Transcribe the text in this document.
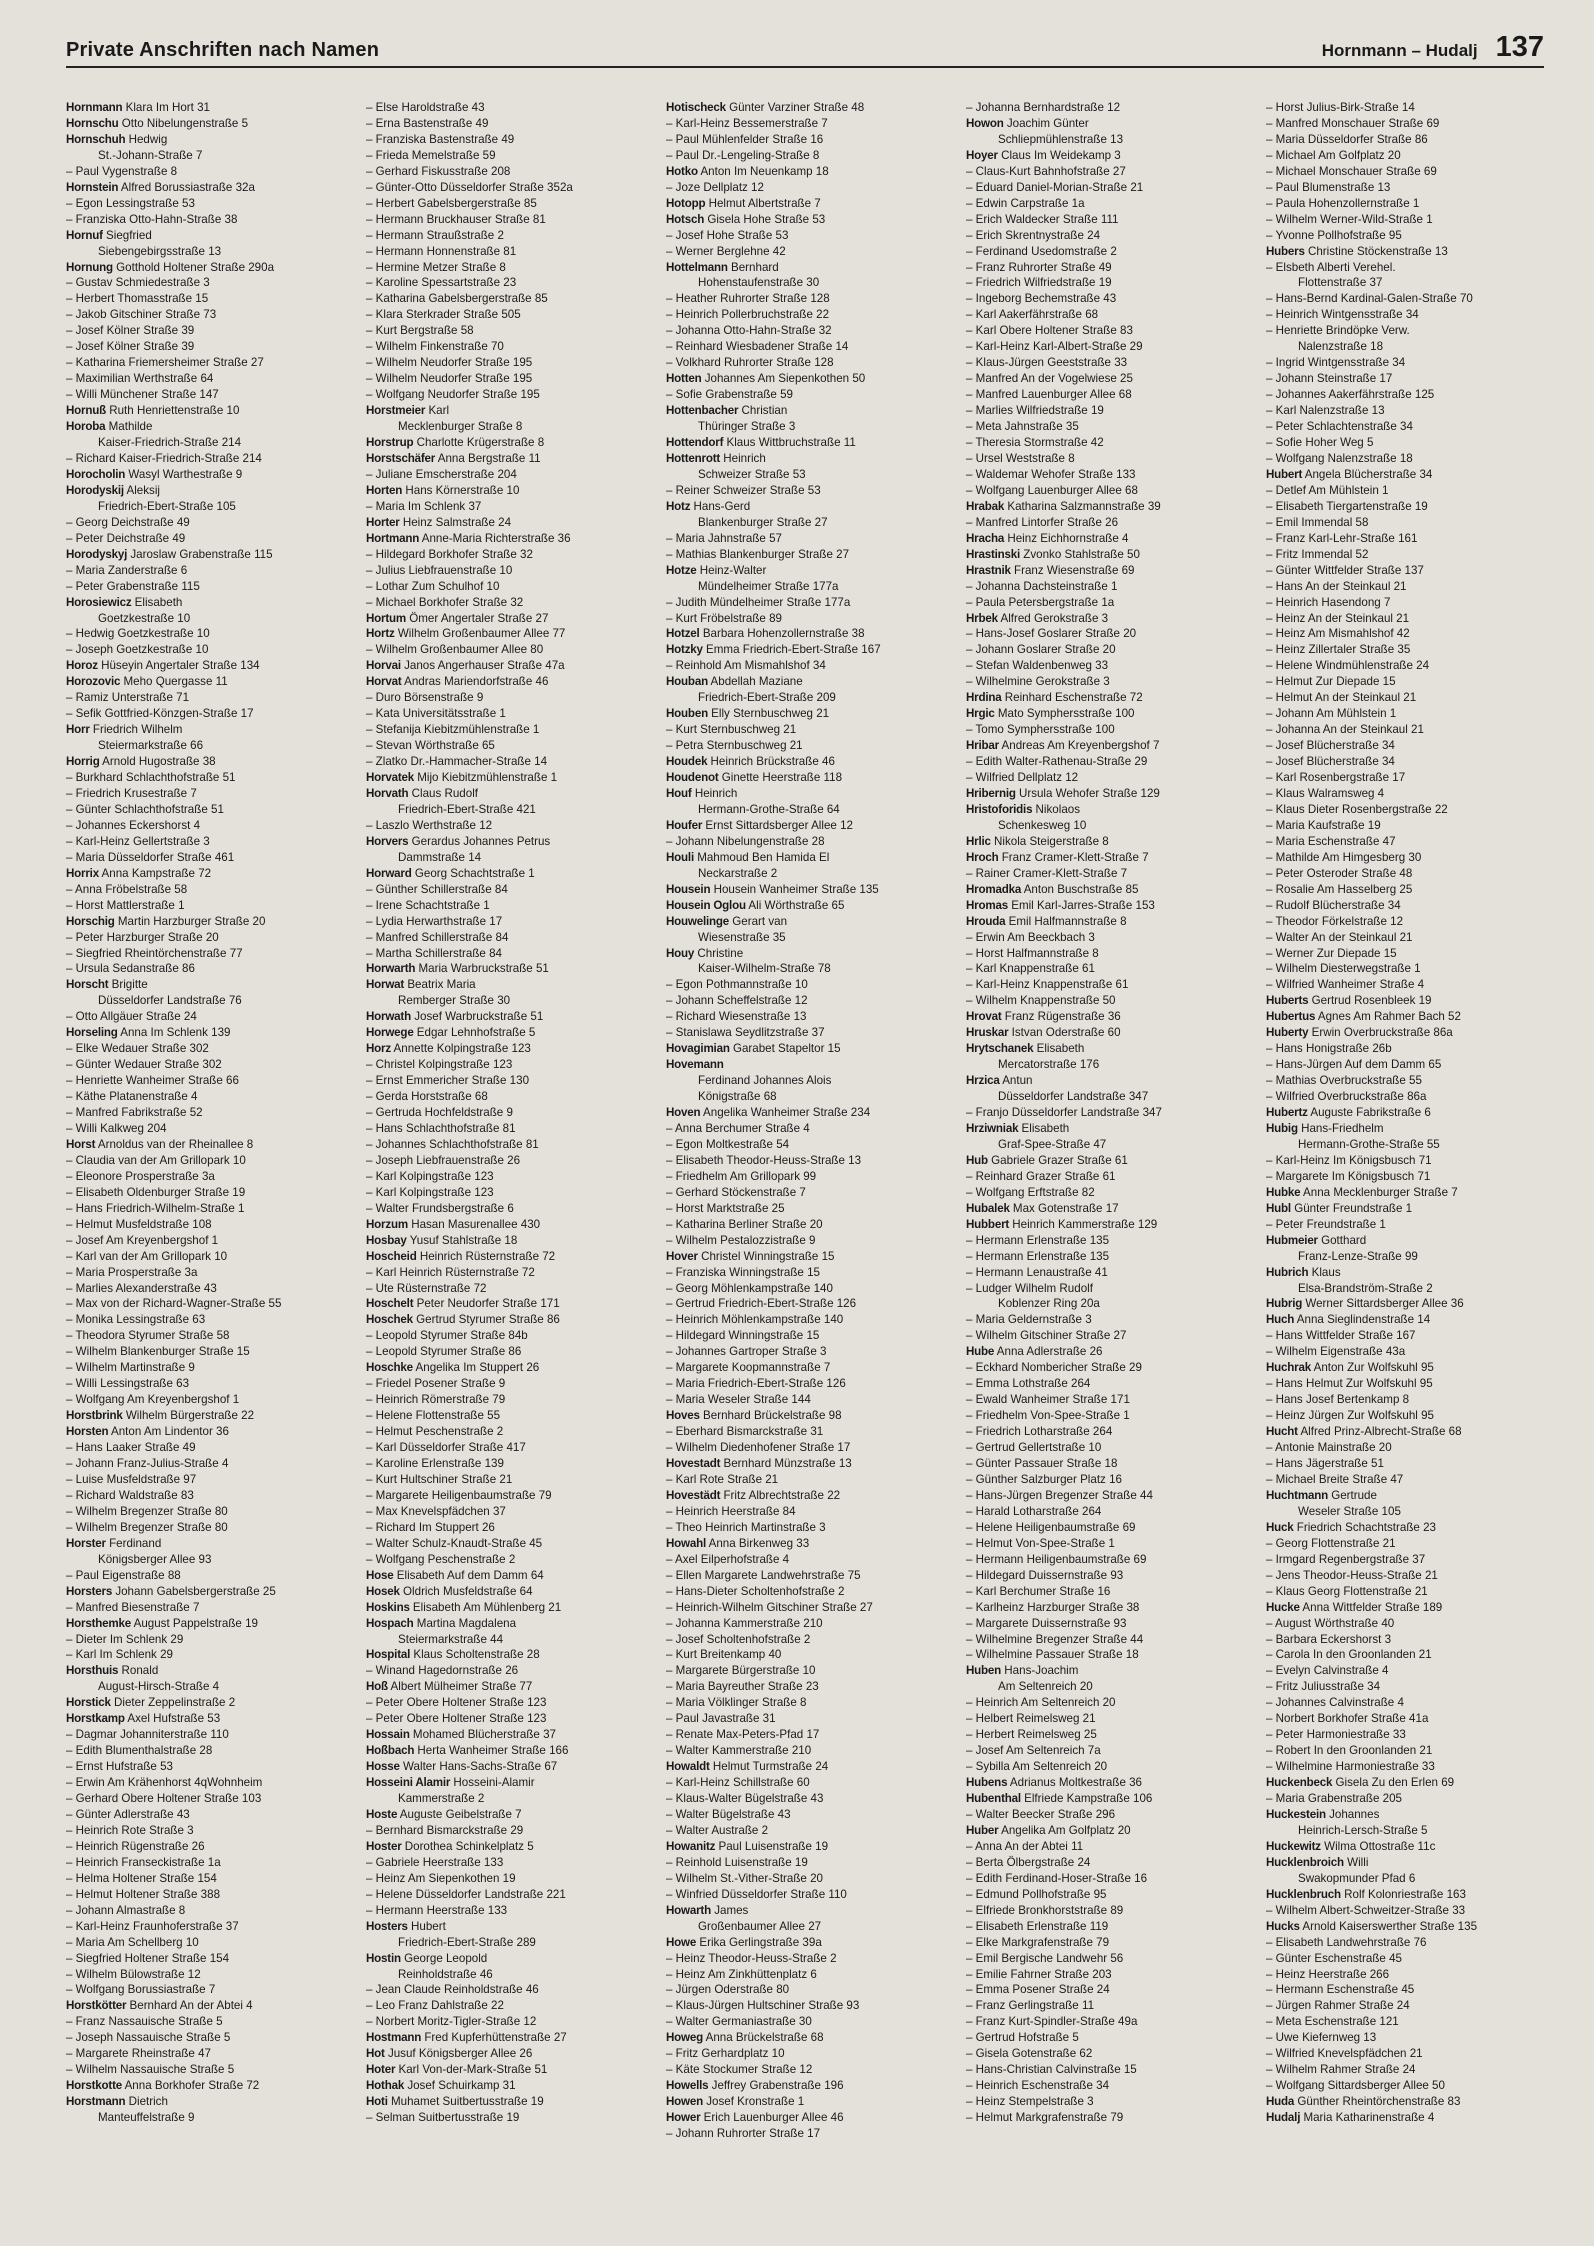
Private Anschriften nach Namen	Hornmann – Hudalj 137
Hornmann Klara Im Hort 31
Hornschu Otto Nibelungenstraße 5
Hornschuh Hedwig
St.-Johann-Straße 7
– Paul Vygenstraße 8
Hornstein Alfred Borussiastraße 32a
– Egon Lessingstraße 53
– Franziska Otto-Hahn-Straße 38
Hornuf Siegfried
Siebengebirgsstraße 13
Hornung Gotthold Holtener Straße 290a
– Gustav Schmiedestraße 3
– Herbert Thomasstraße 15
– Jakob Gitschiner Straße 73
– Josef Kölner Straße 39
– Josef Kölner Straße 39
– Katharina Friemersheimer Straße 27
– Maximilian Werthstraße 64
– Willi Münchener Straße 147
Hornuß Ruth Henriettenstraße 10
Horoba Mathilde
Kaiser-Friedrich-Straße 214
– Richard Kaiser-Friedrich-Straße 214
Horocholin Wasyl Warthestraße 9
Horodyskij Aleksij
Friedrich-Ebert-Straße 105
– Georg Deichstraße 49
– Peter Deichstraße 49
Horodyskyj Jaroslaw Grabenstraße 115
– Maria Zanderstraße 6
– Peter Grabenstraße 115
Horosiewicz Elisabeth
Goetzkestraße 10
– Hedwig Goetzkestraße 10
– Joseph Goetzkestraße 10
Horoz Hüseyin Angertaler Straße 134
Horozovic Meho Quergasse 11
– Ramiz Unterstraße 71
– Sefik Gottfried-Könzgen-Straße 17
Horr Friedrich Wilhelm
Steiermarkstraße 66
Horrig Arnold Hugostraße 38
– Burkhard Schlachthofstraße 51
– Friedrich Krusestraße 7
– Günter Schlachthofstraße 51
– Johannes Eckershorst 4
– Karl-Heinz Gellertstraße 3
– Maria Düsseldorfer Straße 461
Horrix Anna Kampstraße 72
– Anna Fröbelstraße 58
– Horst Mattlerstraße 1
Horschig Martin Harzburger Straße 20
– Peter Harzburger Straße 20
– Siegfried Rheintörchenstraße 77
– Ursula Sedanstraße 86
Horscht Brigitte
Düsseldorfer Landstraße 76
– Otto Allgäuer Straße 24
Horseling Anna Im Schlenk 139
– Elke Wedauer Straße 302
– Günter Wedauer Straße 302
– Henriette Wanheimer Straße 66
– Käthe Platanenstraße 4
– Manfred Fabrikstraße 52
– Willi Kalkweg 204
Horst Arnoldus van der Rheinallee 8
– Claudia van der Am Grillopark 10
– Eleonore Prosperstraße 3a
– Elisabeth Oldenburger Straße 19
– Hans Friedrich-Wilhelm-Straße 1
– Helmut Musfeldstraße 108
– Josef Am Kreyenbergshof 1
– Karl van der Am Grillopark 10
– Maria Prosperstraße 3a
– Marlies Alexanderstraße 43
– Max von der Richard-Wagner-Straße 55
– Monika Lessingstraße 63
– Theodora Styrumer Straße 58
– Wilhelm Blankenburger Straße 15
– Wilhelm Martinstraße 9
– Willi Lessingstraße 63
– Wolfgang Am Kreyenbergshof 1
Horstbrink Wilhelm Bürgerstraße 22
Horsten Anton Am Lindentor 36
– Hans Laaker Straße 49
– Johann Franz-Julius-Straße 4
– Luise Musfeldstraße 97
– Richard Waldstraße 83
– Wilhelm Bregenzer Straße 80
– Wilhelm Bregenzer Straße 80
Horster Ferdinand
Königsberger Allee 93
– Paul Eigenstraße 88
Horsters Johann Gabelsbergerstraße 25
– Manfred Biesenstraße 7
Horsthemke August Pappelstraße 19
– Dieter Im Schlenk 29
– Karl Im Schlenk 29
Horsthuis Ronald
August-Hirsch-Straße 4
Horstick Dieter Zeppelinstraße 2
Horstkamp Axel Hufstraße 53
– Dagmar Johanniterstraße 110
– Edith Blumenthalstraße 28
– Ernst Hufstraße 53
– Erwin Am Krähenhorst 4qWohnheim
– Gerhard Obere Holtener Straße 103
– Günter Adlerstraße 43
– Heinrich Rote Straße 3
– Heinrich Rügenstraße 26
– Heinrich Franseckistraße 1a
– Helma Holtener Straße 154
– Helmut Holtener Straße 388
– Johann Almastraße 8
– Karl-Heinz Fraunhoferstraße 37
– Maria Am Schellberg 10
– Siegfried Holtener Straße 154
– Wilhelm Bülowstraße 12
– Wolfgang Borussiastraße 7
Horstkötter Bernhard An der Abtei 4
– Franz Nassauische Straße 5
– Joseph Nassauische Straße 5
– Margarete Rheinstraße 47
– Wilhelm Nassauische Straße 5
Horstkotte Anna Borkhofer Straße 72
Horstmann Dietrich
Manteuffelstraße 9
– Else Haroldstraße 43
– Erna Bastenstraße 49
– Franziska Bastenstraße 49
– Frieda Memelstraße 59
– Gerhard Fiskusstraße 208
– Günter-Otto Düsseldorfer Straße 352a
– Herbert Gabelsbergerstraße 85
– Hermann Bruckhauser Straße 81
– Hermann Straußstraße 2
– Hermann Honnenstraße 81
– Hermine Metzer Straße 8
– Karoline Spessartstraße 23
– Katharina Gabelsbergerstraße 85
– Klara Sterkrader Straße 505
– Kurt Bergstraße 58
– Wilhelm Finkenstraße 70
– Wilhelm Neudorfer Straße 195
– Wilhelm Neudorfer Straße 195
– Wolfgang Neudorfer Straße 195
Horstmeier Karl
Mecklenburger Straße 8
Horstrup Charlotte Krügerstraße 8
Horstschäfer Anna Bergstraße 11
– Juliane Emscherstraße 204
Horten Hans Körnerstraße 10
– Maria Im Schlenk 37
Horter Heinz Salmstraße 24
Hortmann Anne-Maria Richterstraße 36
– Hildegard Borkhofer Straße 32
– Julius Liebfrauenstraße 10
– Lothar Zum Schulhof 10
– Michael Borkhofer Straße 32
Hortum Ömer Angertaler Straße 27
Hortz Wilhelm Großenbaumer Allee 77
– Wilhelm Großenbaumer Allee 80
Horvai Janos Angerhauser Straße 47a
Horvat Andras Mariendorfstraße 46
– Duro Börsenstraße 9
– Kata Universitätsstraße 1
– Stefanija Kiebitzmühlenstraße 1
– Stevan Wörthstraße 65
– Zlatko Dr.-Hammacher-Straße 14
Horvatek Mijo Kiebitzmühlenstraße 1
Horvath Claus Rudolf
Friedrich-Ebert-Straße 421
– Laszlo Werthstraße 12
Horvers Gerardus Johannes Petrus
Dammstraße 14
Horward Georg Schachtstraße 1
– Günther Schillerstraße 84
– Irene Schachtstraße 1
– Lydia Herwarthstraße 17
– Manfred Schillerstraße 84
– Martha Schillerstraße 84
Horwarth Maria Warbruckstraße 51
Horwat Beatrix Maria
Remberger Straße 30
Horwath Josef Warbruckstraße 51
Horwege Edgar Lehnhofstraße 5
Horz Annette Kolpingstraße 123
– Christel Kolpingstraße 123
– Ernst Emmericher Straße 130
– Gerda Horststraße 68
– Gertruda Hochfeldstraße 9
– Hans Schlachthofstraße 81
– Johannes Schlachthofstraße 81
– Joseph Liebfrauenstraße 26
– Karl Kolpingstraße 123
– Karl Kolpingstraße 123
– Walter Frundsbergstraße 6
Horzum Hasan Masurenallee 430
Hosbay Yusuf Stahlstraße 18
Hoscheid Heinrich Rüsternstraße 72
– Karl Heinrich Rüsternstraße 72
– Ute Rüsternstraße 72
Hoschelt Peter Neudorfer Straße 171
Hoschek Gertrud Styrumer Straße 86
– Leopold Styrumer Straße 84b
– Leopold Styrumer Straße 86
Hoschke Angelika Im Stuppert 26
– Friedel Posener Straße 9
– Heinrich Römerstraße 79
– Helene Flottenstraße 55
– Helmut Peschenstraße 2
– Karl Düsseldorfer Straße 417
– Karoline Erlenstraße 139
– Kurt Hultschiner Straße 21
– Margarete Heiligenbaumstraße 79
– Max Knevelspfädchen 37
– Richard Im Stuppert 26
– Walter Schulz-Knaudt-Straße 45
– Wolfgang Peschenstraße 2
Hose Elisabeth Auf dem Damm 64
Hosek Oldrich Musfeldstraße 64
Hoskins Elisabeth Am Mühlenberg 21
Hospach Martina Magdalena
Steiermarkstraße 44
Hospital Klaus Scholtenstraße 28
– Winand Hagedornstraße 26
Hoß Albert Mülheimer Straße 77
– Peter Obere Holtener Straße 123
– Peter Obere Holtener Straße 123
Hossain Mohamed Blücherstraße 37
Hoßbach Herta Wanheimer Straße 166
Hosse Walter Hans-Sachs-Straße 67
Hosseini Alamir Hosseini-Alamir
Kammerstraße 2
Hoste Auguste Geibelstraße 7
– Bernhard Bismarckstraße 29
Hoster Dorothea Schinkelplatz 5
– Gabriele Heerstraße 133
– Heinz Am Siepenkothen 19
– Helene Düsseldorfer Landstraße 221
– Hermann Heerstraße 133
Hosters Hubert
Friedrich-Ebert-Straße 289
Hostin George Leopold
Reinholdstraße 46
– Jean Claude Reinholdstraße 46
– Leo Franz Dahlstraße 22
– Norbert Moritz-Tigler-Straße 12
Hostmann Fred Kupferhüttenstraße 27
Hot Jusuf Königsberger Allee 26
Hoter Karl Von-der-Mark-Straße 51
Hothak Josef Schuirkamp 31
Hoti Muhamet Suitbertusstraße 19
– Selman Suitbertusstraße 19
Hotischeck Günter Varziner Straße 48
– Karl-Heinz Bessemerstraße 7
– Paul Mühlenfelder Straße 16
– Paul Dr.-Lengeling-Straße 8
Hotko Anton Im Neuenkamp 18
– Joze Dellplatz 12
Hotopp Helmut Albertstraße 7
Hotsch Gisela Hohe Straße 53
– Josef Hohe Straße 53
– Werner Berglehne 42
Hottelmann Bernhard
Hohenstaufenstraße 30
– Heather Ruhrorter Straße 128
– Heinrich Pollerbruchstraße 22
– Johanna Otto-Hahn-Straße 32
– Reinhard Wiesbadener Straße 14
– Volkhard Ruhrorter Straße 128
Hotten Johannes Am Siepenkothen 50
– Sofie Grabenstraße 59
Hottenbacher Christian
Thüringer Straße 3
Hottendorf Klaus Wittbruchstraße 11
Hottenrott Heinrich
Schweizer Straße 53
– Reiner Schweizer Straße 53
Hotz Hans-Gerd
Blankenburger Straße 27
– Maria Jahnstraße 57
– Mathias Blankenburger Straße 27
Hotze Heinz-Walter
Mündelheimer Straße 177a
– Judith Mündelheimer Straße 177a
– Kurt Fröbelstraße 89
Hotzel Barbara Hohenzollernstraße 38
Hotzky Emma Friedrich-Ebert-Straße 167
– Reinhold Am Mismahlshof 34
Houban Abdellah Maziane
Friedrich-Ebert-Straße 209
Houben Elly Sternbuschweg 21
– Kurt Sternbuschweg 21
– Petra Sternbuschweg 21
Houdek Heinrich Brückstraße 46
Houdenot Ginette Heerstraße 118
Houf Heinrich
Hermann-Grothe-Straße 64
Houfer Ernst Sittardsberger Allee 12
– Johann Nibelungenstraße 28
Houli Mahmoud Ben Hamida El
Neckarstraße 2
Housein Housein Wanheimer Straße 135
Housein Oglou Ali Wörthstraße 65
Houwelinge Gerart van
Wiesenstraße 35
Houy Christine
Kaiser-Wilhelm-Straße 78
– Egon Pothmannstraße 10
– Johann Scheffelstraße 12
– Richard Wiesenstraße 13
– Stanislawa Seydlitzstraße 37
Hovagimian Garabet Stapeltor 15
Hovemann
Ferdinand Johannes Alois
Königstraße 68
Hoven Angelika Wanheimer Straße 234
– Anna Berchumer Straße 4
– Egon Moltkestraße 54
– Elisabeth Theodor-Heuss-Straße 13
– Friedhelm Am Grillopark 99
– Gerhard Stöckenstraße 7
– Horst Marktstraße 25
– Katharina Berliner Straße 20
– Wilhelm Pestalozzistraße 9
Hover Christel Winningstraße 15
– Franziska Winningstraße 15
– Georg Möhlenkampstraße 140
– Gertrud Friedrich-Ebert-Straße 126
– Heinrich Möhlenkampstraße 140
– Hildegard Winningstraße 15
– Johannes Gartroper Straße 3
– Margarete Koopmannstraße 7
– Maria Friedrich-Ebert-Straße 126
– Maria Weseler Straße 144
Hoves Bernhard Brückelstraße 98
– Eberhard Bismarckstraße 31
– Wilhelm Diedenhofener Straße 17
Hovestadt Bernhard Münzstraße 13
– Karl Rote Straße 21
Hovestädt Fritz Albrechtstraße 22
– Heinrich Heerstraße 84
– Theo Heinrich Martinstraße 3
Howahl Anna Birkenweg 33
– Axel Eilperhofstraße 4
– Ellen Margarete Landwehrstraße 75
– Hans-Dieter Scholtenhofstraße 2
– Heinrich-Wilhelm Gitschiner Straße 27
– Johanna Kammerstraße 210
– Josef Scholtenhofstraße 2
– Kurt Breitenkamp 40
– Margarete Bürgerstraße 10
– Maria Bayreuther Straße 23
– Maria Völklinger Straße 8
– Paul Javastraße 31
– Renate Max-Peters-Pfad 17
– Walter Kammerstraße 210
Howaldt Helmut Turmstraße 24
– Karl-Heinz Schillstraße 60
– Klaus-Walter Bügelstraße 43
– Walter Bügelstraße 43
– Walter Austraße 2
Howanitz Paul Luisenstraße 19
– Reinhold Luisenstraße 19
– Wilhelm St.-Vither-Straße 20
– Winfried Düsseldorfer Straße 110
Howarth James
Großenbaumer Allee 27
Howe Erika Gerlingstraße 39a
– Heinz Theodor-Heuss-Straße 2
– Heinz Am Zinkhüttenplatz 6
– Jürgen Oderstraße 80
– Klaus-Jürgen Hultschiner Straße 93
– Walter Germaniastraße 30
Howeg Anna Brückelstraße 68
– Fritz Gerhardplatz 10
– Käte Stockumer Straße 12
Howells Jeffrey Grabenstraße 196
Howen Josef Kronstraße 1
Hower Erich Lauenburger Allee 46
– Johann Ruhrorter Straße 17
– Johanna Bernhardstraße 12
Howon Joachim Günter
Schliepmühlenstraße 13
Hoyer Claus Im Weidekamp 3
– Claus-Kurt Bahnhofstraße 27
– Eduard Daniel-Morian-Straße 21
– Edwin Carpstraße 1a
– Erich Waldecker Straße 111
– Erich Skrentnystraße 24
– Ferdinand Usedomstraße 2
– Franz Ruhrorter Straße 49
– Friedrich Wilfriedstraße 19
– Ingeborg Bechemstraße 43
– Karl Aakerfährstraße 68
– Karl Obere Holtener Straße 83
– Karl-Heinz Karl-Albert-Straße 29
– Klaus-Jürgen Geeststraße 33
– Manfred An der Vogelwiese 25
– Manfred Lauenburger Allee 68
– Marlies Wilfriedstraße 19
– Meta Jahnstraße 35
– Theresia Stormstraße 42
– Ursel Weststraße 8
– Waldemar Wehofer Straße 133
– Wolfgang Lauenburger Allee 68
Hrabak Katharina Salzmannstraße 39
– Manfred Lintorfer Straße 26
Hracha Heinz Eichhornstraße 4
Hrastinski Zvonko Stahlstraße 50
Hrastnik Franz Wiesenstraße 69
– Johanna Dachsteinstraße 1
– Paula Petersbergstraße 1a
Hrbek Alfred Gerokstraße 3
– Hans-Josef Goslarer Straße 20
– Johann Goslarer Straße 20
– Stefan Waldenbenweg 33
– Wilhelmine Gerokstraße 3
Hrdina Reinhard Eschenstraße 72
Hrgic Mato Symphersstraße 100
– Tomo Symphersstraße 100
Hribar Andreas Am Kreyenbergshof 7
– Edith Walter-Rathenau-Straße 29
– Wilfried Dellplatz 12
Hribernig Ursula Wehofer Straße 129
Hristoforidis Nikolaos
Schenkesweg 10
Hrlic Nikola Steigerstraße 8
Hroch Franz Cramer-Klett-Straße 7
– Rainer Cramer-Klett-Straße 7
Hromadka Anton Buschstraße 85
Hromas Emil Karl-Jarres-Straße 153
Hrouda Emil Halfmannstraße 8
– Erwin Am Beeckbach 3
– Horst Halfmannstraße 8
– Karl Knappenstraße 61
– Karl-Heinz Knappenstraße 61
– Wilhelm Knappenstraße 50
Hrovat Franz Rügenstraße 36
Hruskar Istvan Oderstraße 60
Hrytschanek Elisabeth
Mercatorstraße 176
Hrzica Antun
Düsseldorfer Landstraße 347
– Franjo Düsseldorfer Landstraße 347
Hrziwniak Elisabeth
Graf-Spee-Straße 47
Hub Gabriele Grazer Straße 61
– Reinhard Grazer Straße 61
– Wolfgang Erftstraße 82
Hubalek Max Gotenstraße 17
Hubbert Heinrich Kammerstraße 129
– Hermann Erlenstraße 135
– Hermann Erlenstraße 135
– Hermann Lenaustraße 41
– Ludger Wilhelm Rudolf
Koblenzer Ring 20a
– Maria Geldernstraße 3
– Wilhelm Gitschiner Straße 27
Hube Anna Adlerstraße 26
– Eckhard Nombericher Straße 29
– Emma Lothstraße 264
– Ewald Wanheimer Straße 171
– Friedhelm Von-Spee-Straße 1
– Friedrich Lotharstraße 264
– Gertrud Gellertstraße 10
– Günter Passauer Straße 18
– Günther Salzburger Platz 16
– Hans-Jürgen Bregenzer Straße 44
– Harald Lotharstraße 264
– Helene Heiligenbaumstraße 69
– Helmut Von-Spee-Straße 1
– Hermann Heiligenbaumstraße 69
– Hildegard Duissernstraße 93
– Karl Berchumer Straße 16
– Karlheinz Harzburger Straße 38
– Margarete Duissernstraße 93
– Wilhelmine Bregenzer Straße 44
– Wilhelmine Passauer Straße 18
Huben Hans-Joachim
Am Seltenreich 20
– Heinrich Am Seltenreich 20
– Helbert Reimelsweg 21
– Herbert Reimelsweg 25
– Josef Am Seltenreich 7a
– Sybilla Am Seltenreich 20
Hubens Adrianus Moltkestraße 36
Hubenthal Elfriede Kampstraße 106
– Walter Beecker Straße 296
Huber Angelika Am Golfplatz 20
– Anna An der Abtei 11
– Berta Ölbergstraße 24
– Edith Ferdinand-Hoser-Straße 16
– Edmund Pollhofstraße 95
– Elfriede Bronkhorststraße 89
– Elisabeth Erlenstraße 119
– Elke Markgrafenstraße 79
– Emil Bergische Landwehr 56
– Emilie Fahrner Straße 203
– Emma Posener Straße 24
– Franz Gerlingstraße 11
– Franz Kurt-Spindler-Straße 49a
– Gertrud Hofstraße 5
– Gisela Gotenstraße 62
– Hans-Christian Calvinstraße 15
– Heinrich Eschenstraße 34
– Heinz Stempelstraße 3
– Helmut Markgrafenstraße 79
– Horst Julius-Birk-Straße 14
– Manfred Monschauer Straße 69
– Maria Düsseldorfer Straße 86
– Michael Am Golfplatz 20
– Michael Monschauer Straße 69
– Paul Blumenstraße 13
– Paula Hohenzollernstraße 1
– Wilhelm Werner-Wild-Straße 1
– Yvonne Pollhofstraße 95
Hubers Christine Stöckenstraße 13
– Elsbeth Alberti Verehel.
Flottenstraße 37
– Hans-Bernd Kardinal-Galen-Straße 70
– Heinrich Wintgensstraße 34
– Henriette Brindöpke Verw.
Nalenzstraße 18
– Ingrid Wintgensstraße 34
– Johann Steinstraße 17
– Johannes Aakerfährstraße 125
– Karl Nalenzstraße 13
– Peter Schlachtenstraße 34
– Sofie Hoher Weg 5
– Wolfgang Nalenzstraße 18
Hubert Angela Blücherstraße 34
– Detlef Am Mühlstein 1
– Elisabeth Tiergartenstraße 19
– Emil Immendal 58
– Franz Karl-Lehr-Straße 161
– Fritz Immendal 52
– Günter Wittfelder Straße 137
– Hans An der Steinkaul 21
– Heinrich Hasendong 7
– Heinz An der Steinkaul 21
– Heinz Am Mismahlshof 42
– Heinz Zillertaler Straße 35
– Helene Windmühlenstraße 24
– Helmut Zur Diepade 15
– Helmut An der Steinkaul 21
– Johann Am Mühlstein 1
– Johanna An der Steinkaul 21
– Josef Blücherstraße 34
– Josef Blücherstraße 34
– Karl Rosenbergstraße 17
– Klaus Walramsweg 4
– Klaus Dieter Rosenbergstraße 22
– Maria Kaufstraße 19
– Maria Eschenstraße 47
– Mathilde Am Himgesberg 30
– Peter Osteroder Straße 48
– Rosalie Am Hasselberg 25
– Rudolf Blücherstraße 34
– Theodor Förkelstraße 12
– Walter An der Steinkaul 21
– Werner Zur Diepade 15
– Wilhelm Diesterwegstraße 1
– Wilfried Wanheimer Straße 4
Huberts Gertrud Rosenbleek 19
Hubertus Agnes Am Rahmer Bach 52
Huberty Erwin Overbruckstraße 86a
– Hans Honigstraße 26b
– Hans-Jürgen Auf dem Damm 65
– Mathias Overbruckstraße 55
– Wilfried Overbruckstraße 86a
Hubertz Auguste Fabrikstraße 6
Hubig Hans-Friedhelm
Hermann-Grothe-Straße 55
– Karl-Heinz Im Königsbusch 71
– Margarete Im Königsbusch 71
Hubke Anna Mecklenburger Straße 7
Hubl Günter Freundstraße 1
– Peter Freundstraße 1
Hubmeier Gotthard
Franz-Lenze-Straße 99
Hubrich Klaus
Elsa-Brandström-Straße 2
Hubrig Werner Sittardsberger Allee 36
Huch Anna Sieglindenstraße 14
– Hans Wittfelder Straße 167
– Wilhelm Eigenstraße 43a
Huchrak Anton Zur Wolfskuhl 95
– Hans Helmut Zur Wolfskuhl 95
– Hans Josef Bertenkamp 8
– Heinz Jürgen Zur Wolfskuhl 95
Hucht Alfred Prinz-Albrecht-Straße 68
– Antonie Mainstraße 20
– Hans Jägerstraße 51
– Michael Breite Straße 47
Huchtmann Gertrude
Weseler Straße 105
Huck Friedrich Schachtstraße 23
– Georg Flottenstraße 21
– Irmgard Regenbergstraße 37
– Jens Theodor-Heuss-Straße 21
– Klaus Georg Flottenstraße 21
Hucke Anna Wittfelder Straße 189
– August Wörthstraße 40
– Barbara Eckershorst 3
– Carola In den Groonlanden 21
– Evelyn Calvinstraße 4
– Fritz Juliusstraße 34
– Johannes Calvinstraße 4
– Norbert Borkhofer Straße 41a
– Peter Harmoniestraße 33
– Robert In den Groonlanden 21
– Wilhelmine Harmoniestraße 33
Huckenbeck Gisela Zu den Erlen 69
– Maria Grabenstraße 205
Huckestein Johannes
Heinrich-Lersch-Straße 5
Huckewitz Wilma Ottostraße 11c
Hucklenbroich Willi
Swakopmunder Pfad 6
Hucklenbruch Rolf Kolonriestraße 163
– Wilhelm Albert-Schweitzer-Straße 33
Hucks Arnold Kaiserswerther Straße 135
– Elisabeth Landwehrstraße 76
– Günter Eschenstraße 45
– Heinz Heerstraße 266
– Hermann Eschenstraße 45
– Jürgen Rahmer Straße 24
– Meta Eschenstraße 121
– Uwe Kiefernweg 13
– Wilfried Knevelspfädchen 21
– Wilhelm Rahmer Straße 24
– Wolfgang Sittardsberger Allee 50
Huda Günther Rheintörchenstraße 83
Hudalj Maria Katharinenstraße 4
